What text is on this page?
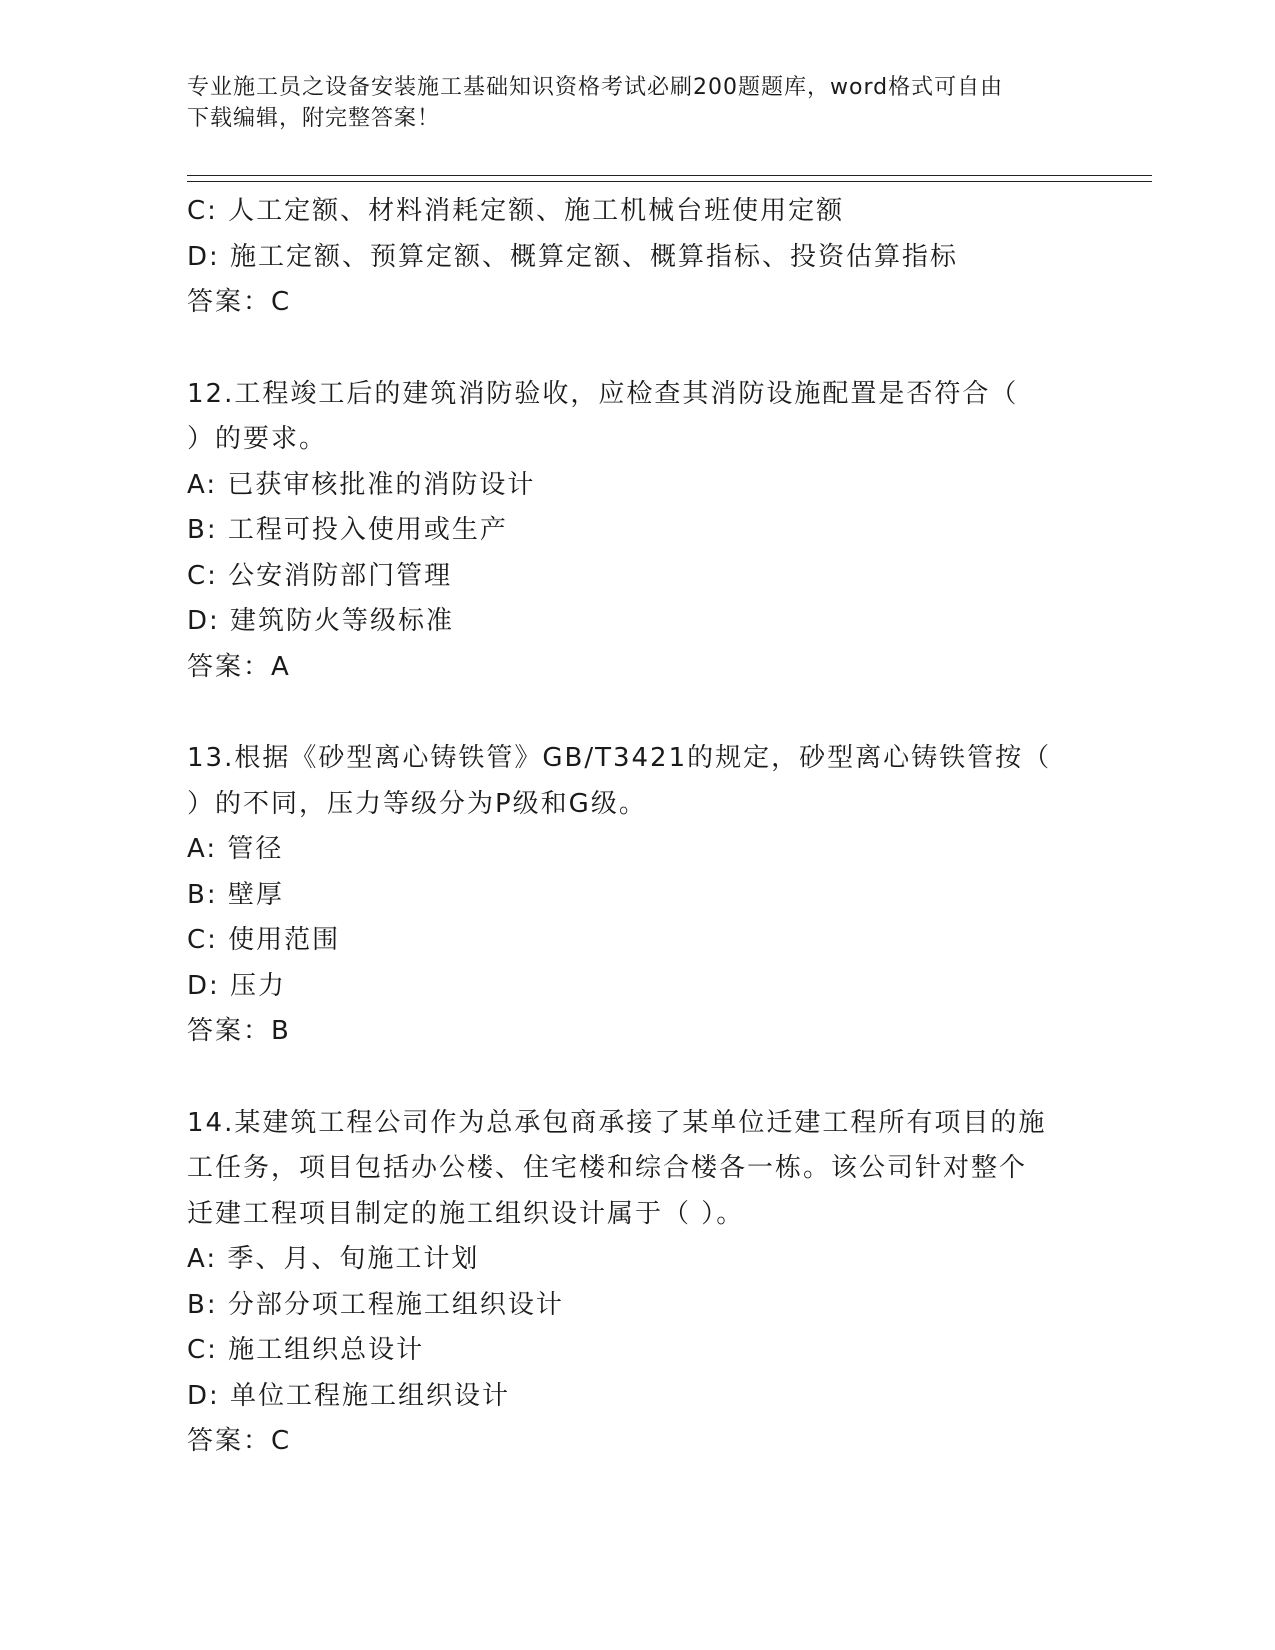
专业施工员之设备安装施工基础知识资格考试必刷200题题库，word格式可自由
下载编辑，附完整答案！
C: 人工定额、材料消耗定额、施工机械台班使用定额
D: 施工定额、预算定额、概算定额、概算指标、投资估算指标
答案：C
12.工程竣工后的建筑消防验收，应检查其消防设施配置是否符合（
）的要求。
A: 已获审核批准的消防设计
B: 工程可投入使用或生产
C: 公安消防部门管理
D: 建筑防火等级标准
答案：A
13.根据《砂型离心铸铁管》GB/T3421的规定，砂型离心铸铁管按（
）的不同，压力等级分为P级和G级。
A: 管径
B: 壁厚
C: 使用范围
D: 压力
答案：B
14.某建筑工程公司作为总承包商承接了某单位迁建工程所有项目的施
工任务，项目包括办公楼、住宅楼和综合楼各一栋。该公司针对整个
迁建工程项目制定的施工组织设计属于（ ）。
A: 季、月、旬施工计划
B: 分部分项工程施工组织设计
C: 施工组织总设计
D: 单位工程施工组织设计
答案：C
